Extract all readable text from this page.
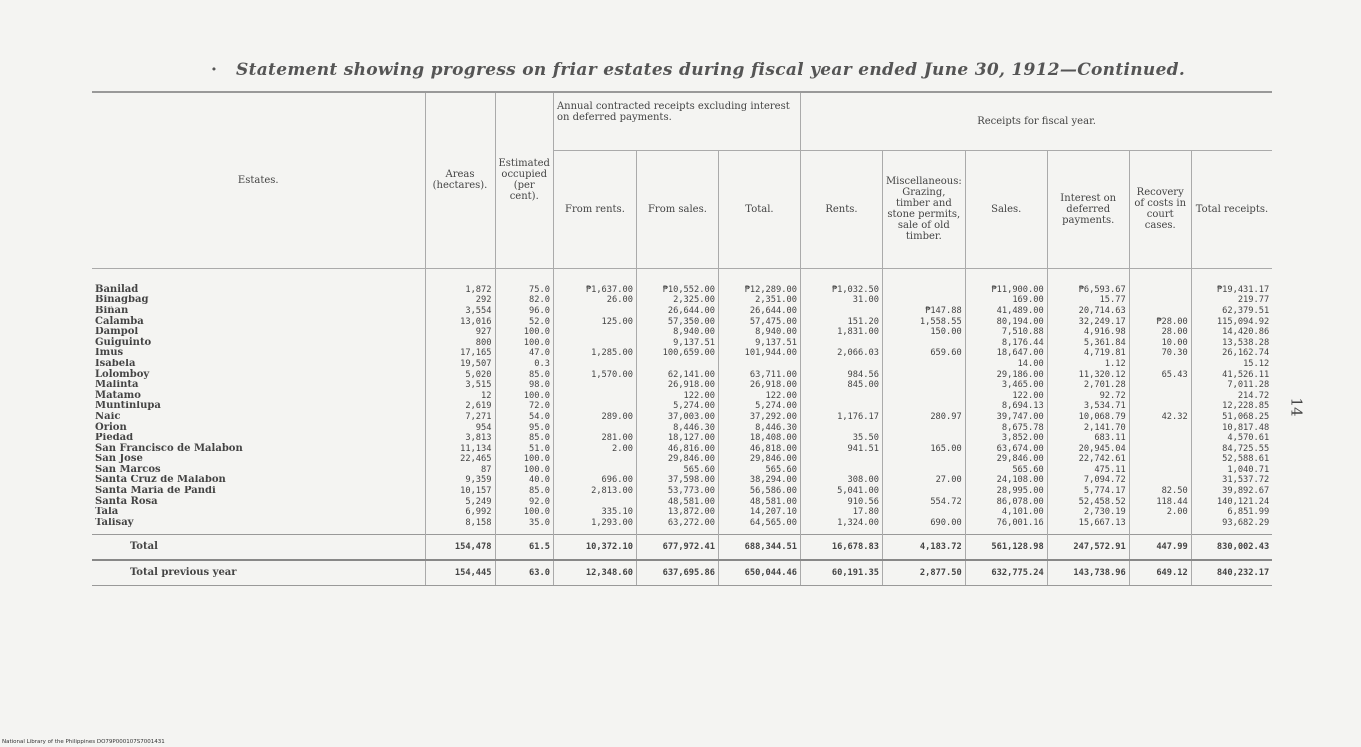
· Statement showing progress on friar estates during fiscal year ended June 30, 1912—Continued.
Estates.	Areas (hectares).	Estimated occupied (per cent).	Annual contracted receipts excluding interest on deferred payments.			Receipts for fiscal year.					
			From rents.	From sales.	Total.	Rents.	Miscellaneous: Grazing, timber and stone permits, sale of old timber.	Sales.	Interest on deferred payments.	Recovery of costs in court cases.	Total receipts.
Banilad	1,872	75.0	₱1,637.00	₱10,552.00	₱12,289.00	₱1,032.50		₱11,900.00	₱6,593.67		₱19,431.17
Binagbag	292	82.0	26.00	2,325.00	2,351.00	31.00		169.00	15.77		219.77
Biñan	3,554	96.0		26,644.00	26,644.00		₱147.88	41,489.00	20,714.63		62,379.51
Calamba	13,016	52.0	125.00	57,350.00	57,475.00	151.20	1,558.55	80,194.00	32,249.17	₱28.00	115,094.92
Dampol	927	100.0		8,940.00	8,940.00	1,831.00	150.00	7,510.88	4,916.98	28.00	14,420.86
Guiguinto	800	100.0		9,137.51	9,137.51			8,176.44	5,361.84	10.00	13,538.28
Imus	17,165	47.0	1,285.00	100,659.00	101,944.00	2,066.03	659.60	18,647.00	4,719.81	70.30	26,162.74
Isabela	19,507	0.3						14.00	1.12		15.12
Lolomboy	5,020	85.0	1,570.00	62,141.00	63,711.00	984.56		29,186.00	11,320.12	65.43	41,526.11
Malinta	3,515	98.0		26,918.00	26,918.00	845.00		3,465.00	2,701.28		7,011.28
Matamo	12	100.0		122.00	122.00			122.00	92.72		214.72
Muntinlupa	2,619	72.0		5,274.00	5,274.00			8,694.13	3,534.71		12,228.85
Naic	7,271	54.0	289.00	37,003.00	37,292.00	1,176.17	280.97	39,747.00	10,068.79	42.32	51,068.25
Orion	954	95.0		8,446.30	8,446.30			8,675.78	2,141.70		10,817.48
Piedad	3,813	85.0	281.00	18,127.00	18,408.00	35.50		3,852.00	683.11		4,570.61
San Francisco de Malabon	11,134	51.0	2.00	46,816.00	46,818.00	941.51	165.00	63,674.00	20,945.04		84,725.55
San Jose	22,465	100.0		29,846.00	29,846.00			29,846.00	22,742.61		52,588.61
San Marcos	87	100.0		565.60	565.60			565.60	475.11		1,040.71
Santa Cruz de Malabon	9,359	40.0	696.00	37,598.00	38,294.00	308.00	27.00	24,108.00	7,094.72		31,537.72
Santa Maria de Pandi	10,157	85.0	2,813.00	53,773.00	56,586.00	5,041.00		28,995.00	5,774.17	82.50	39,892.67
Santa Rosa	5,249	92.0		48,581.00	48,581.00	910.56	554.72	86,078.00	52,458.52	118.44	140,121.24
Tala	6,992	100.0	335.10	13,872.00	14,207.10	17.80		4,101.00	2,730.19	2.00	6,851.99
Talisay	8,158	35.0	1,293.00	63,272.00	64,565.00	1,324.00	690.00	76,001.16	15,667.13		93,682.29
Total	154,478	61.5	10,372.10	677,972.41	688,344.51	16,678.83	4,183.72	561,128.98	247,572.91	447.99	830,002.43
Total previous year	154,445	63.0	12,348.60	637,695.86	650,044.46	60,191.35	2,877.50	632,775.24	143,738.96	649.12	840,232.17
14
National Library of the Philippines DO79P000107S7001431
